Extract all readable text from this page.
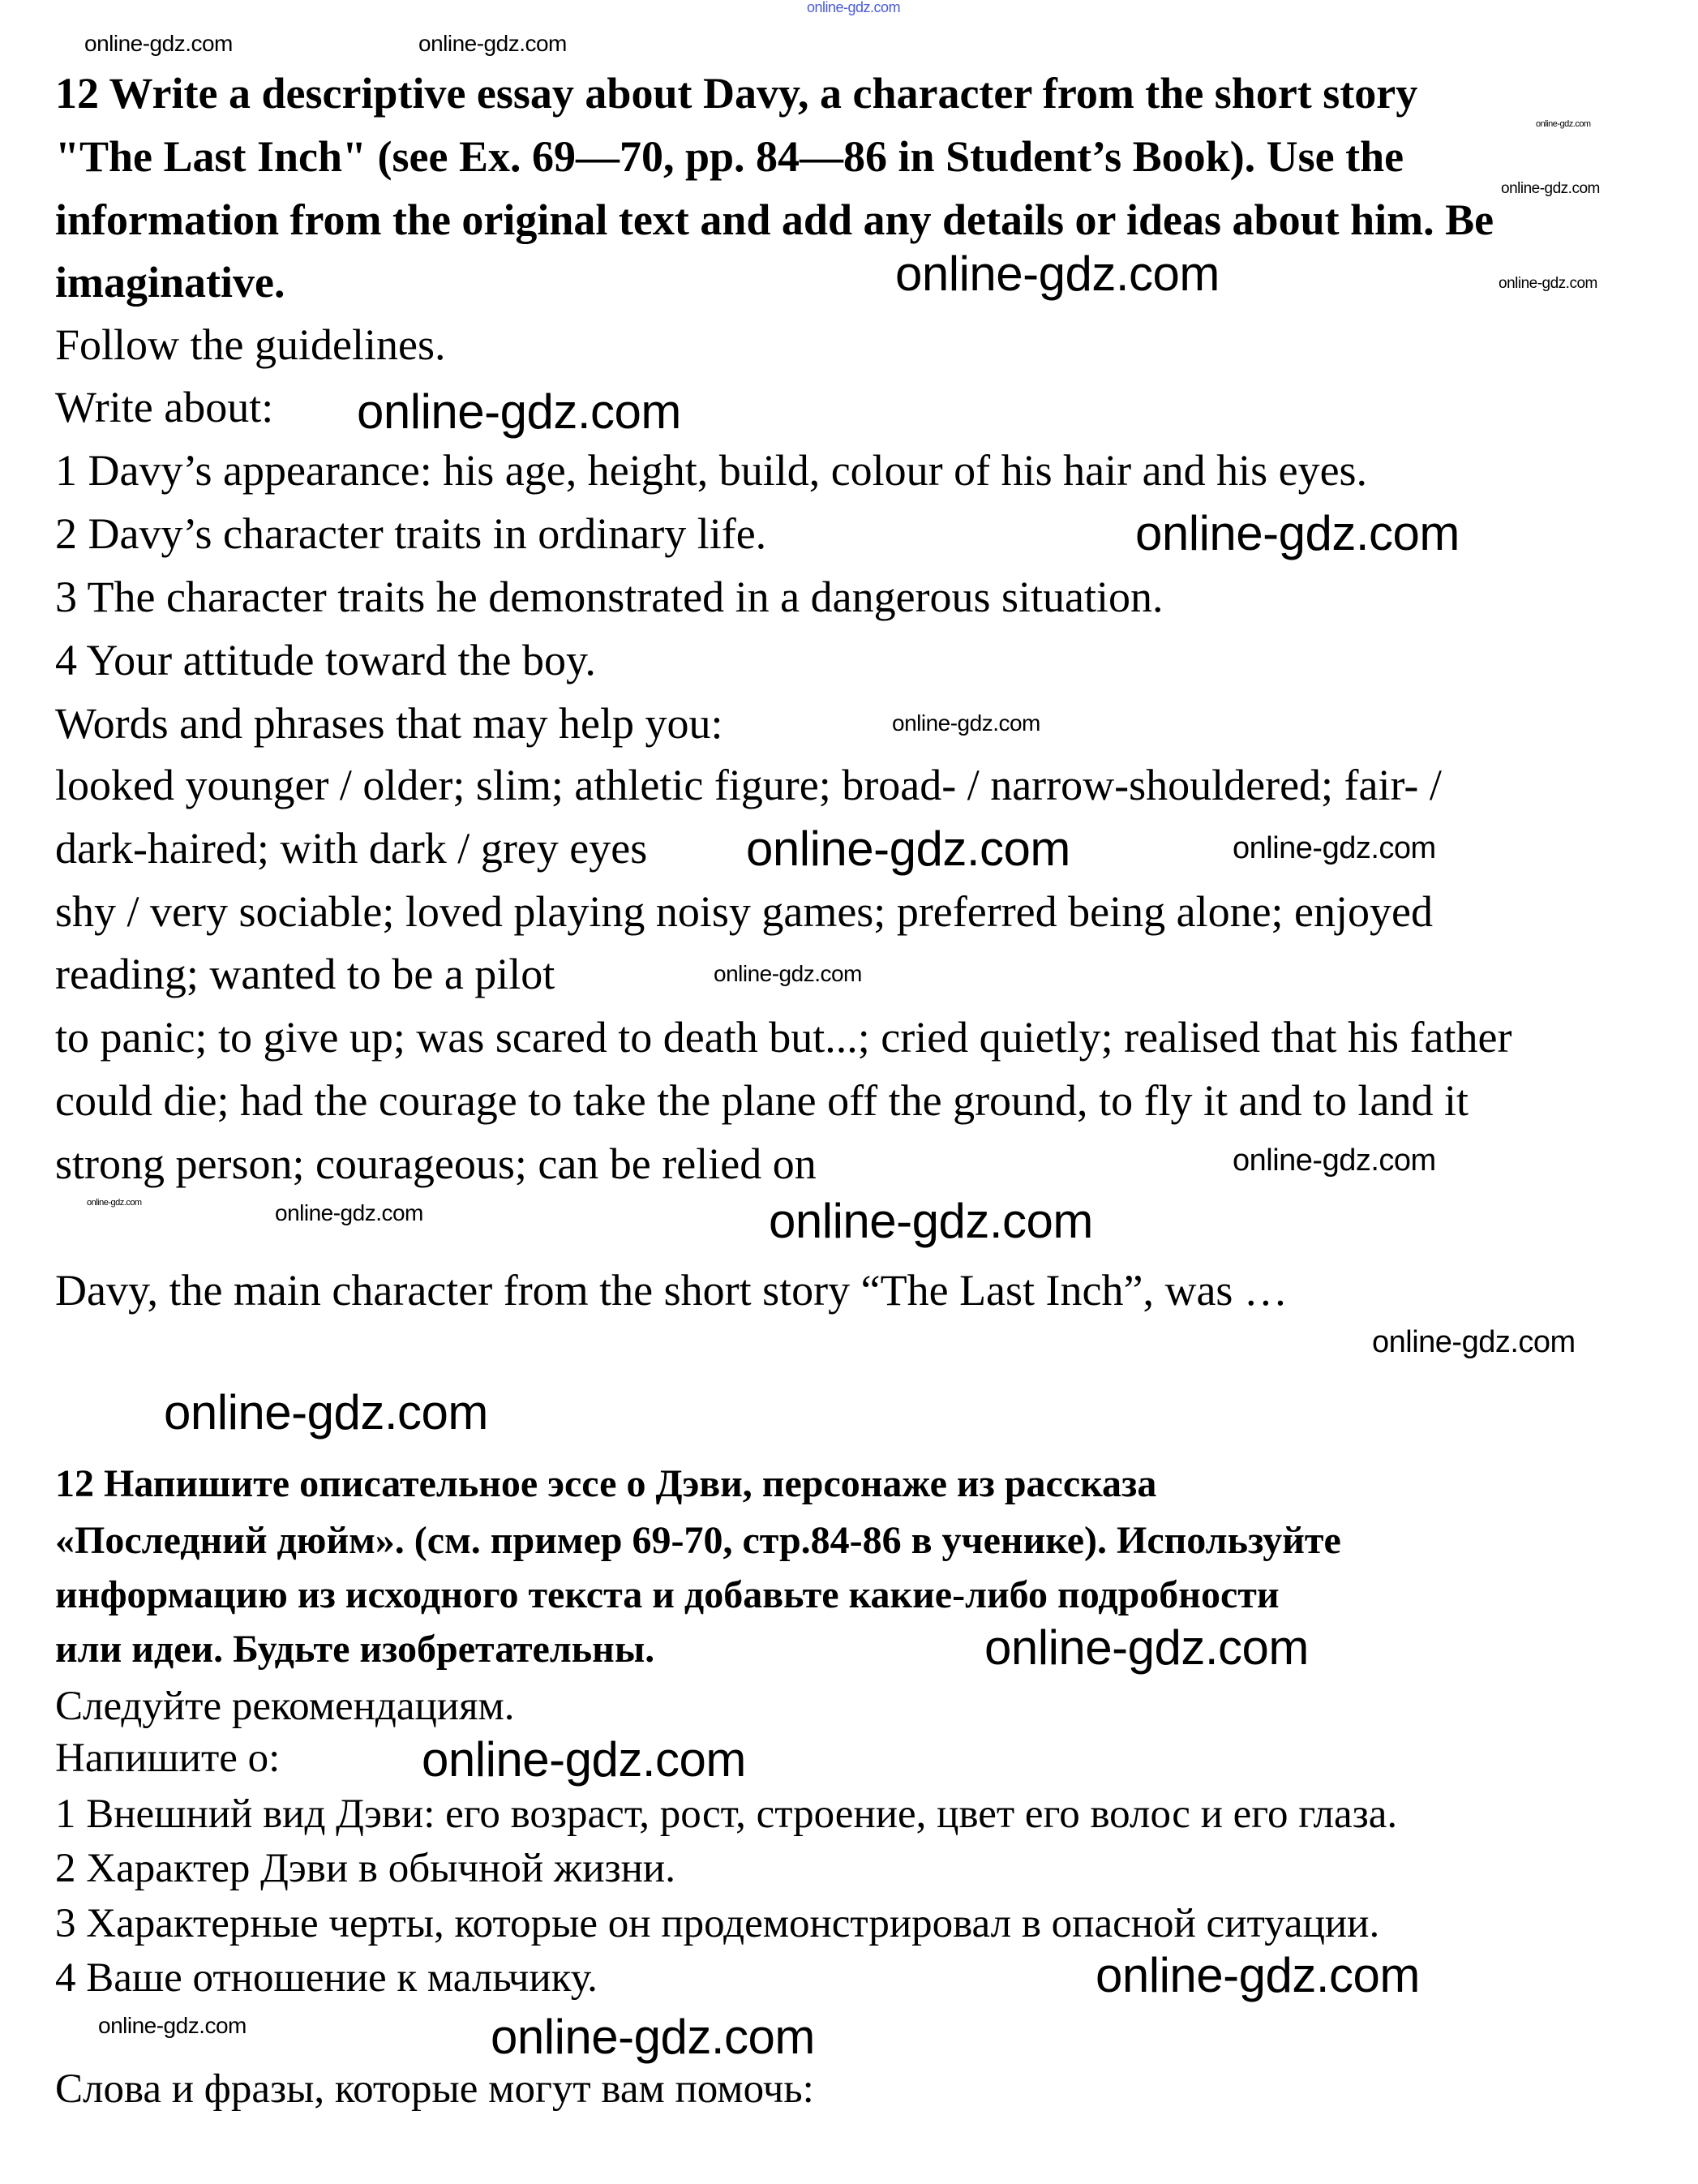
12 Write a descriptive essay about Davy, a character from the short story
"The Last Inch" (see Ex. 69—70, pp. 84—86 in Student’s Book). Use the
information from the original text and add any details or ideas about him. Be
imaginative.
Follow the guidelines.
Write about:
1 Davy’s appearance: his age, height, build, colour of his hair and his eyes.
2 Davy’s character traits in ordinary life.
3 The character traits he demonstrated in a dangerous situation.
4 Your attitude toward the boy.
Words and phrases that may help you:
looked younger / older; slim; athletic figure; broad- / narrow-shouldered; fair- /
dark-haired; with dark / grey eyes
shy / very sociable; loved playing noisy games; preferred being alone; enjoyed
reading; wanted to be a pilot
to panic; to give up; was scared to death but...; cried quietly; realised that his father
could die; had the courage to take the plane off the ground, to fly it and to land it
strong person; courageous; can be relied on
Davy, the main character from the short story “The Last Inch”, was …
12 Напишите описательное эссе о Дэви, персонаже из рассказа
«Последний дюйм». (см. пример 69-70, стр.84-86 в ученике). Используйте
информацию из исходного текста и добавьте какие-либо подробности
или идеи. Будьте изобретательны.
Следуйте рекомендациям.
Напишите о:
1 Внешний вид Дэви: его возраст, рост, строение, цвет его волос и его глаза.
2 Характер Дэви в обычной жизни.
3 Характерные черты, которые он продемонстрировал в опасной ситуации.
4 Ваше отношение к мальчику.
Слова и фразы, которые могут вам помочь:
online-gdz.com
online-gdz.com	online-gdz.com
online-gdz.com
online-gdz.com
online-gdz.com
online-gdz.com
online-gdz.com
online-gdz.com
online-gdz.com
online-gdz.com	online-gdz.com
online-gdz.com
online-gdz.com
online-gdz.com
online-gdz.com	online-gdz.com
online-gdz.com
online-gdz.com
online-gdz.com
online-gdz.com
online-gdz.com
online-gdz.com	online-gdz.com
